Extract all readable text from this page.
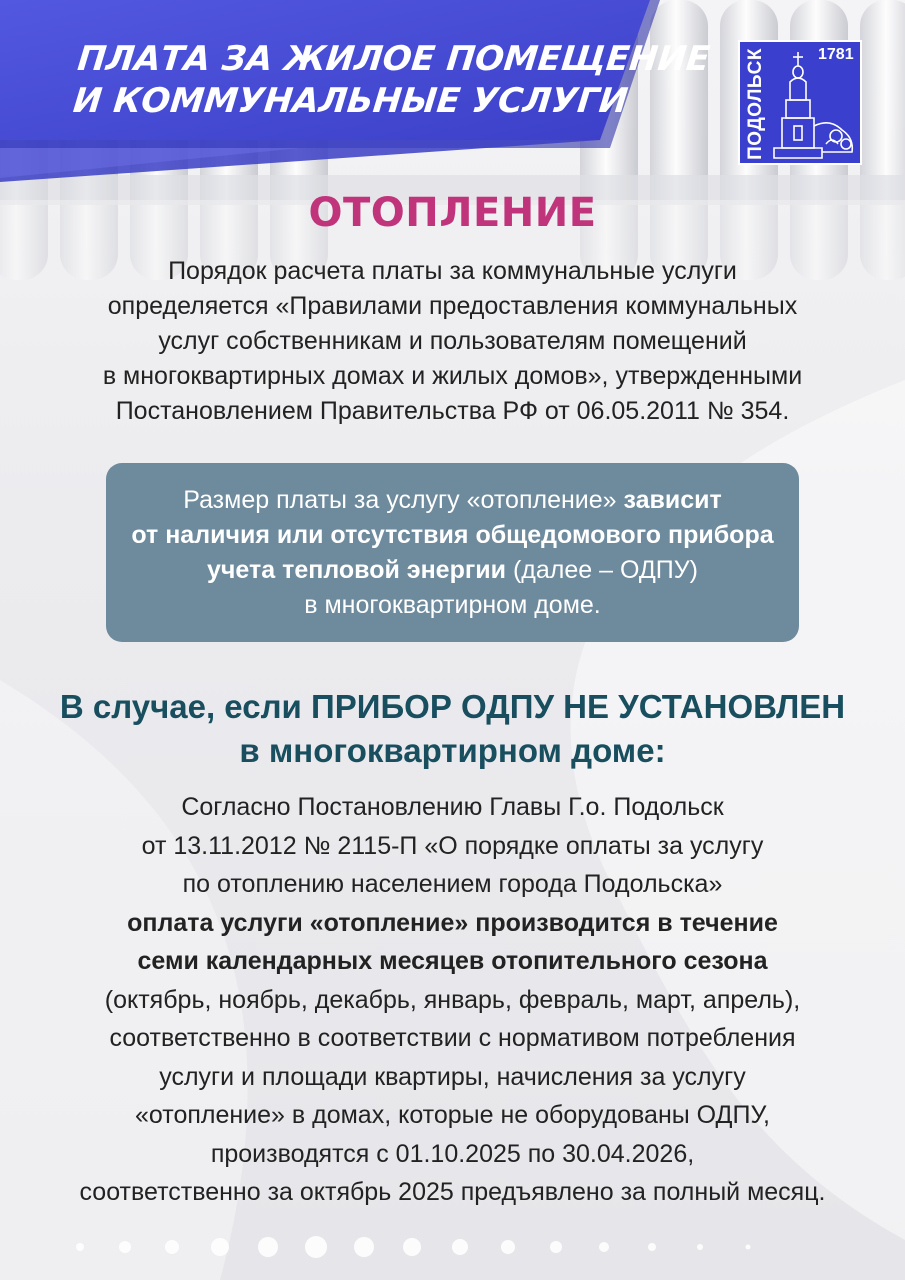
ПЛАТА ЗА ЖИЛОЕ ПОМЕЩЕНИЕ
И КОММУНАЛЬНЫЕ УСЛУГИ	ПОДОЛЬСК	1781
ОТОПЛЕНИЕ

Порядок расчета платы за коммунальные услуги
определяется «Правилами предоставления коммунальных
услуг собственникам и пользователям помещений
в многоквартирных домах и жилых домов», утвержденными
Постановлением Правительства РФ от 06.05.2011 № 354.

Размер платы за услугу «отопление» зависит
от наличия или отсутствия общедомового прибора
учета тепловой энергии (далее – ОДПУ)
в многоквартирном доме.

В случае, если ПРИБОР ОДПУ НЕ УСТАНОВЛЕН
в многоквартирном доме:

Согласно Постановлению Главы Г.о. Подольск
от 13.11.2012 № 2115-П «О порядке оплаты за услугу
по отоплению населением города Подольска»
оплата услуги «отопление» производится в течение
семи календарных месяцев отопительного сезона
(октябрь, ноябрь, декабрь, январь, февраль, март, апрель),
соответственно в соответствии с нормативом потребления
услуги и площади квартиры, начисления за услугу
«отопление» в домах, которые не оборудованы ОДПУ,
производятся с 01.10.2025 по 30.04.2026,
соответственно за октябрь 2025 предъявлено за полный месяц.
